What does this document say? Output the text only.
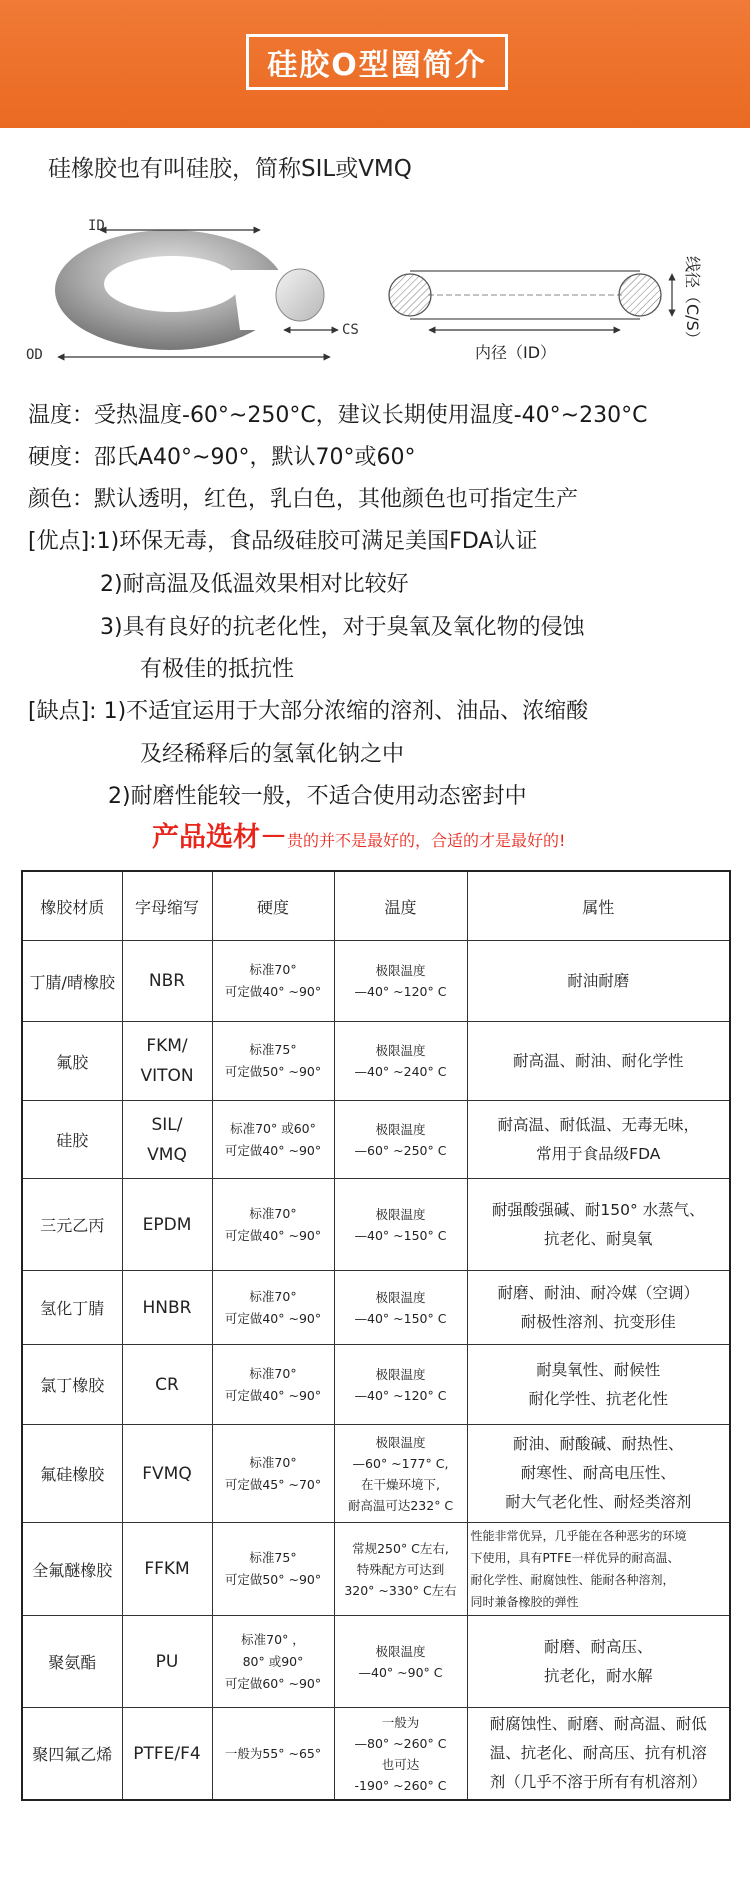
硅胶O型圈简介
硅橡胶也有叫硅胶，简称SIL或VMQ
ID
OD
CS
内径（ID）
线径（C/S）
温度：受热温度-60°~250°C，建议长期使用温度-40°~230°C
硬度：邵氏A40°~90°，默认70°或60°
颜色：默认透明，红色，乳白色，其他颜色也可指定生产
[优点]:1)环保无毒，食品级硅胶可满足美国FDA认证
2)耐高温及低温效果相对比较好
3)具有良好的抗老化性，对于臭氧及氧化物的侵蚀
有极佳的抵抗性
[缺点]: 1)不适宜运用于大部分浓缩的溶剂、油品、浓缩酸
及经稀释后的氢氧化钠之中
2)耐磨性能较一般，不适合使用动态密封中
产品选材－贵的并不是最好的，合适的才是最好的!
橡胶材质	字母缩写	硬度	温度	属性
丁腈/晴橡胶	NBR	标准70°
可定做40° ~90°	极限温度
—40° ~120° C	耐油耐磨

氟胶	FKM/
VITON	标准75°
可定做50° ~90°	极限温度
—40° ~240° C	耐高温、耐油、耐化学性

硅胶	SIL/
VMQ	标准70° 或60°
可定做40° ~90°	极限温度
—60° ~250° C	耐高温、耐低温、无毒无味，
常用于食品级FDA

三元乙丙	EPDM	标准70°
可定做40° ~90°	极限温度
—40° ~150° C	耐强酸强碱、耐150° 水蒸气、
抗老化、耐臭氧

氢化丁腈	HNBR	标准70°
可定做40° ~90°	极限温度
—40° ~150° C	耐磨、耐油、耐冷媒（空调）
耐极性溶剂、抗变形佳

氯丁橡胶	CR	标准70°
可定做40° ~90°	极限温度
—40° ~120° C	耐臭氧性、耐候性
耐化学性、抗老化性

氟硅橡胶	FVMQ	标准70°
可定做45° ~70°	极限温度
—60° ~177° C,
在干燥环境下,
耐高温可达232° C	耐油、耐酸碱、耐热性、
耐寒性、耐高电压性、
耐大气老化性、耐烃类溶剂

全氟醚橡胶	FFKM	标准75°
可定做50° ~90°	常规250° C左右,
特殊配方可达到
320° ~330° C左右	性能非常优异，几乎能在各种恶劣的环境
下使用，具有PTFE一样优异的耐高温、
耐化学性、耐腐蚀性、能耐各种溶剂，
同时兼备橡胶的弹性

聚氨酯	PU	标准70° ，
80° 或90°
可定做60° ~90°	极限温度
—40° ~90° C	耐磨、耐高压、
抗老化，耐水解

聚四氟乙烯	PTFE/F4	一般为55° ~65°	一般为
—80° ~260° C
也可达
-190° ~260° C	耐腐蚀性、耐磨、耐高温、耐低
温、抗老化、耐高压、抗有机溶
剂（几乎不溶于所有有机溶剂）
